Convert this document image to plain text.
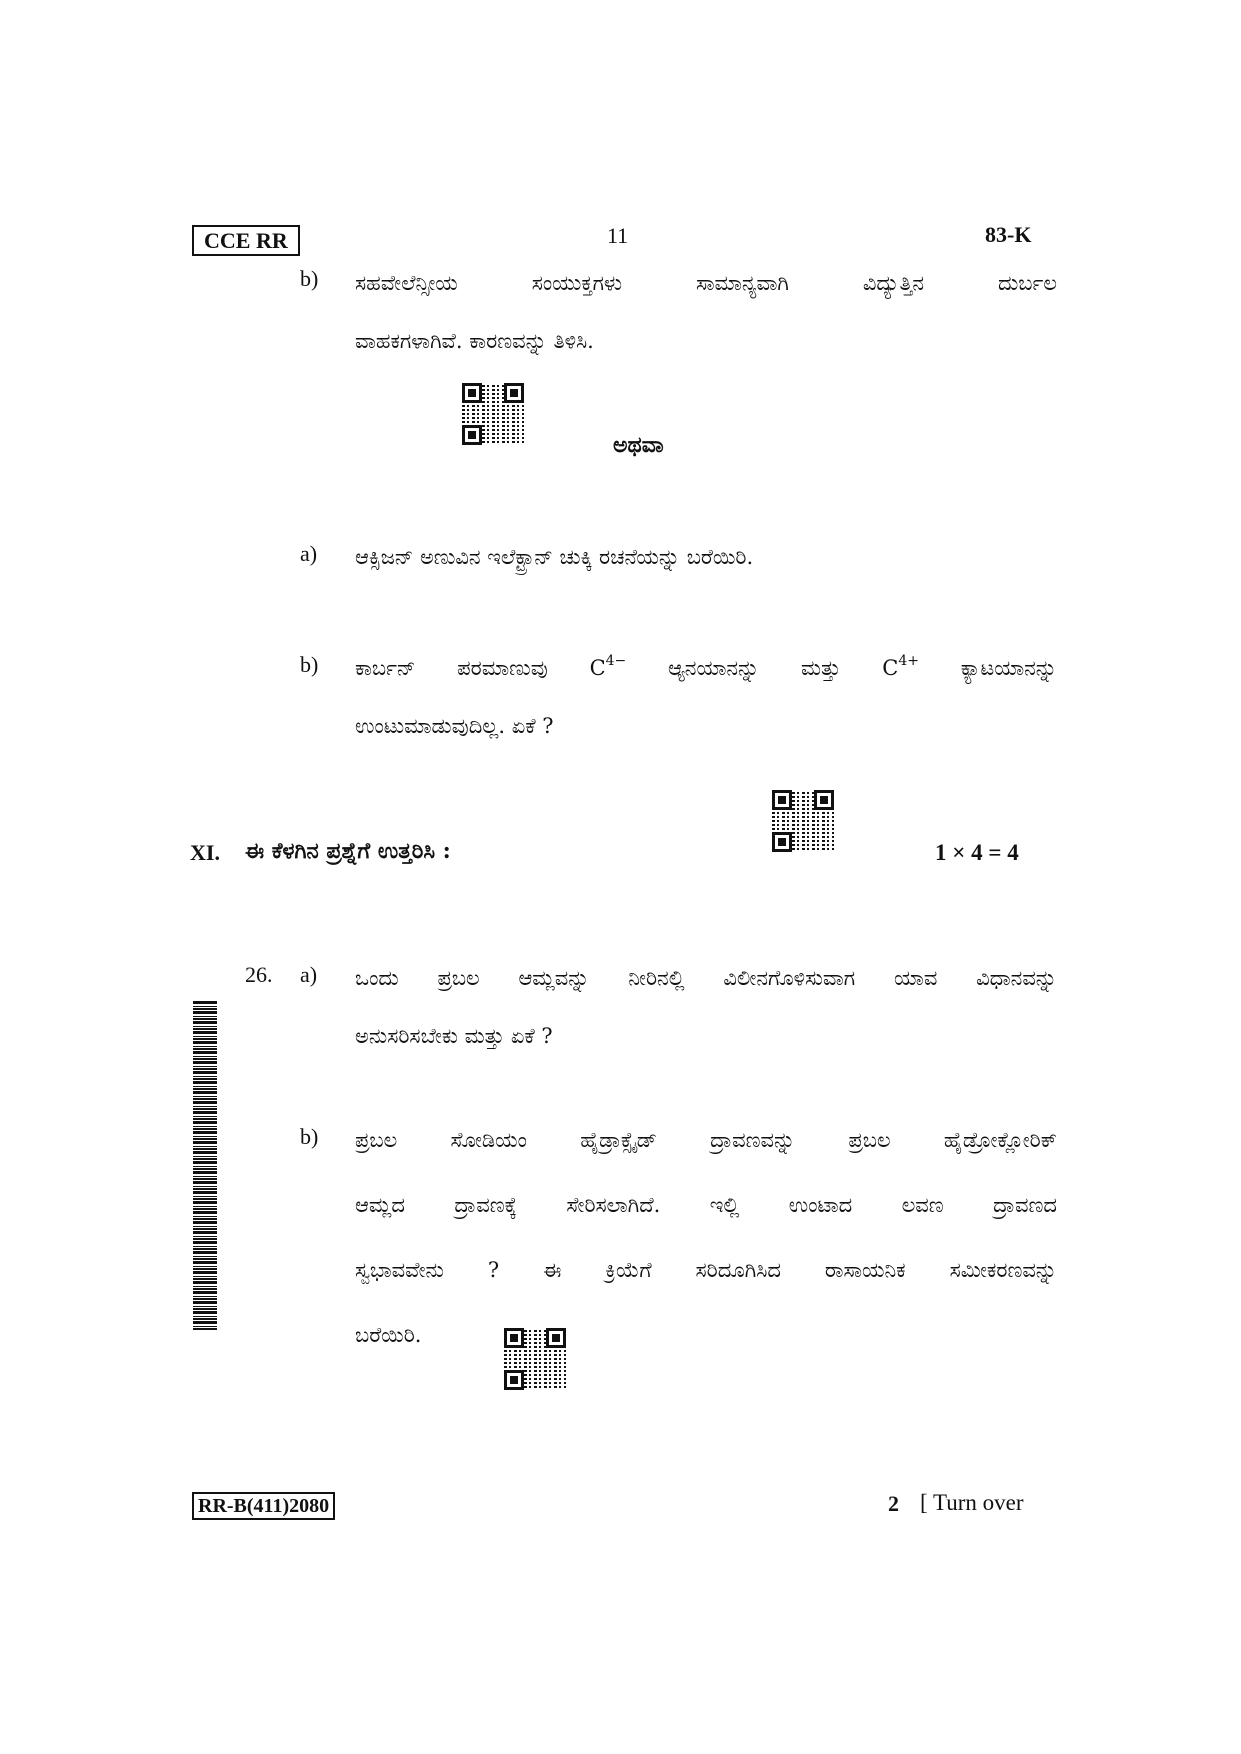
CCE RR	11	83-K
b) ಸಹವೇಲೆನ್ಸೀಯ ಸಂಯುಕ್ತಗಳು ಸಾಮಾನ್ಯವಾಗಿ ವಿದ್ಯುತ್ತಿನ ದುರ್ಬಲ
ವಾಹಕಗಳಾಗಿವೆ. ಕಾರಣವನ್ನು ತಿಳಿಸಿ.
ಅಥವಾ
a) ಆಕ್ಸಿಜನ್ ಅಣುವಿನ ಇಲೆಕ್ಟ್ರಾನ್ ಚುಕ್ಕಿ ರಚನೆಯನ್ನು ಬರೆಯಿರಿ.
b) ಕಾರ್ಬನ್ ಪರಮಾಣುವು $C^{4-}$ ಆ್ಯನಯಾನನ್ನು ಮತ್ತು $C^{4+}$ ಕ್ಯಾಟಯಾನನ್ನು
ಉಂಟುಮಾಡುವುದಿಲ್ಲ. ಏಕೆ ?
XI. ಈ ಕೆಳಗಿನ ಪ್ರಶ್ನೆಗೆ ಉತ್ತರಿಸಿ :	1 × 4 = 4
26. a) ಒಂದು ಪ್ರಬಲ ಆಮ್ಲವನ್ನು ನೀರಿನಲ್ಲಿ ವಿಲೀನಗೊಳಿಸುವಾಗ ಯಾವ ವಿಧಾನವನ್ನು
ಅನುಸರಿಸಬೇಕು ಮತ್ತು ಏಕೆ ?
b) ಪ್ರಬಲ ಸೋಡಿಯಂ ಹೈಡ್ರಾಕ್ಸೈಡ್ ದ್ರಾವಣವನ್ನು ಪ್ರಬಲ ಹೈಡ್ರೋಕ್ಲೋರಿಕ್
ಆಮ್ಲದ ದ್ರಾವಣಕ್ಕೆ ಸೇರಿಸಲಾಗಿದೆ. ಇಲ್ಲಿ ಉಂಟಾದ ಲವಣ ದ್ರಾವಣದ
ಸ್ವಭಾವವೇನು ? ಈ ಕ್ರಿಯೆಗೆ ಸರಿದೂಗಿಸಿದ ರಾಸಾಯನಿಕ ಸಮೀಕರಣವನ್ನು
ಬರೆಯಿರಿ.
RR-B(411)2080	2 [ Turn over
